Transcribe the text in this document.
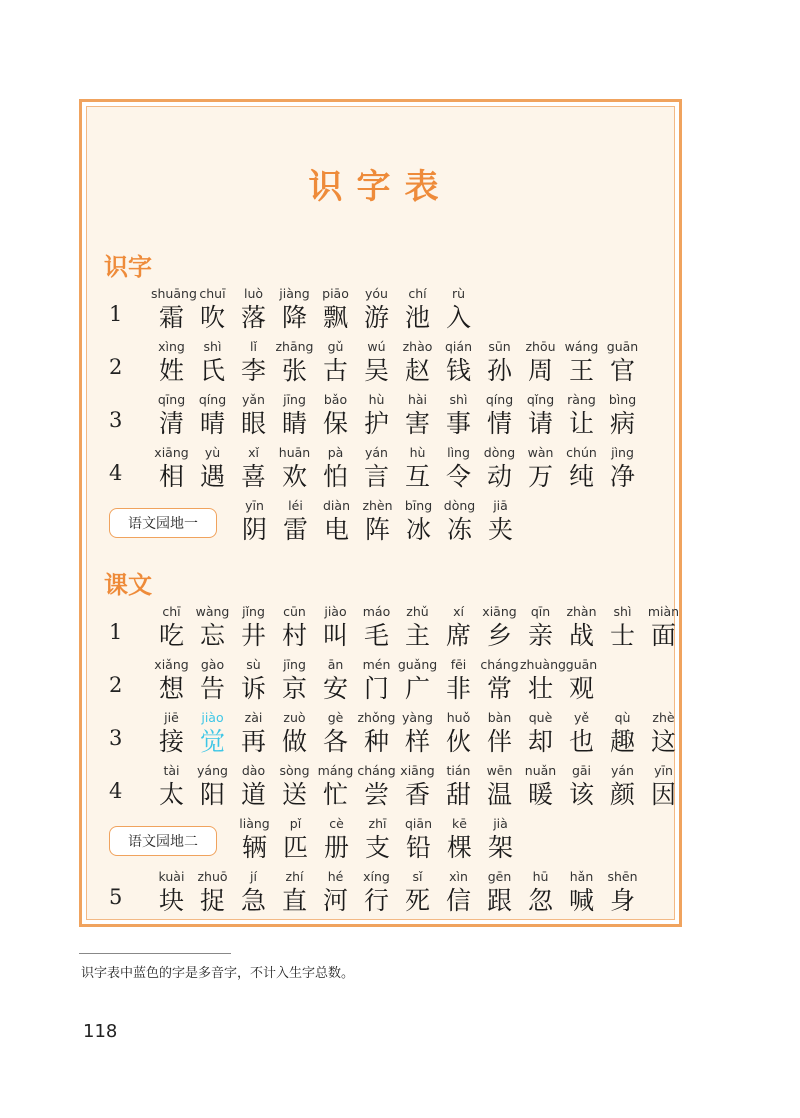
识字表
识字
1
shuāng
霜
chuī
吹
luò
落
jiàng
降
piāo
飘
yóu
游
chí
池
rù
入
2
xìng
姓
shì
氏
lǐ
李
zhāng
张
gǔ
古
wú
吴
zhào
赵
qián
钱
sūn
孙
zhōu
周
wáng
王
guān
官
3
qīng
清
qíng
晴
yǎn
眼
jīng
睛
bǎo
保
hù
护
hài
害
shì
事
qíng
情
qǐng
请
ràng
让
bìng
病
4
xiāng
相
yù
遇
xǐ
喜
huān
欢
pà
怕
yán
言
hù
互
lìng
令
dòng
动
wàn
万
chún
纯
jìng
净
语文园地一
yīn
阴
léi
雷
diàn
电
zhèn
阵
bīng
冰
dòng
冻
jiā
夹
课文
1
chī
吃
wàng
忘
jǐng
井
cūn
村
jiào
叫
máo
毛
zhǔ
主
xí
席
xiāng
乡
qīn
亲
zhàn
战
shì
士
miàn
面
2
xiǎng
想
gào
告
sù
诉
jīng
京
ān
安
mén
门
guǎng
广
fēi
非
cháng
常
zhuàng
壮
guān
观
3
jiē
接
jiào
觉
zài
再
zuò
做
gè
各
zhǒng
种
yàng
样
huǒ
伙
bàn
伴
què
却
yě
也
qù
趣
zhè
这
4
tài
太
yáng
阳
dào
道
sòng
送
máng
忙
cháng
尝
xiāng
香
tián
甜
wēn
温
nuǎn
暖
gāi
该
yán
颜
yīn
因
语文园地二
liàng
辆
pǐ
匹
cè
册
zhī
支
qiān
铅
kē
棵
jià
架
5
kuài
块
zhuō
捉
jí
急
zhí
直
hé
河
xíng
行
sǐ
死
xìn
信
gēn
跟
hū
忽
hǎn
喊
shēn
身
识字表中蓝色的字是多音字，不计入生字总数。
118
